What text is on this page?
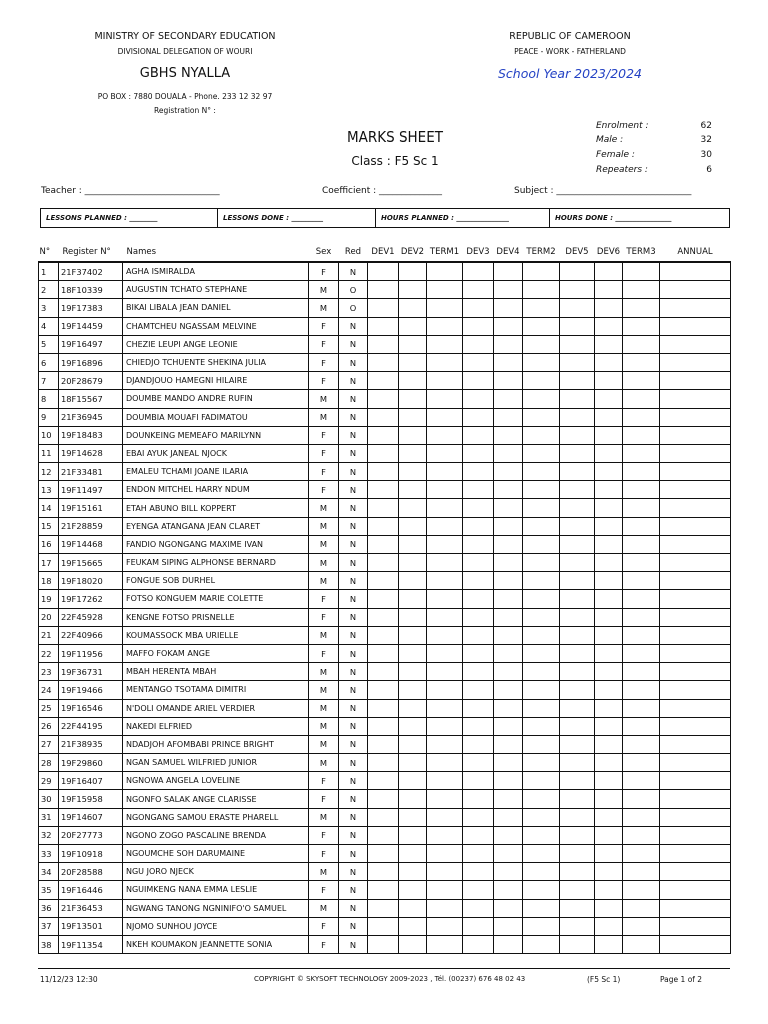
MINISTRY OF SECONDARY EDUCATION
DIVISIONAL DELEGATION OF WOURI
GBHS NYALLA
PO BOX : 7880 DOUALA - Phone. 233 12 32 97
Registration N° :
REPUBLIC OF CAMEROON
PEACE - WORK - FATHERLAND
School Year 2023/2024
MARKS SHEET
Class : F5 Sc 1
Enrolment :	62
Male :	32
Female :	30
Repeaters :	6
Teacher : ______________________________	Coefficient : ______________	Subject : ______________________________
LESSONS PLANNED : ________	LESSONS DONE : _________	HOURS PLANNED : _______________	HOURS DONE : ________________
N°	Register N°	Names	Sex	Red	DEV1	DEV2	TERM1	DEV3	DEV4	TERM2	DEV5	DEV6	TERM3	ANNUAL
1	21F37402	AGHA ISMIRALDA	F	N										
2	18F10339	AUGUSTIN TCHATO STEPHANE	M	O										
3	19F17383	BIKAI LIBALA JEAN DANIEL	M	O										
4	19F14459	CHAMTCHEU NGASSAM MELVINE	F	N										
5	19F16497	CHEZIE LEUPI ANGE LEONIE	F	N										
6	19F16896	CHIEDJO TCHUENTE SHEKINA JULIA	F	N										
7	20F28679	DJANDJOUO HAMEGNI HILAIRE	F	N										
8	18F15567	DOUMBE MANDO ANDRE RUFIN	M	N										
9	21F36945	DOUMBIA MOUAFI FADIMATOU	M	N										
10	19F18483	DOUNKEING MEMEAFO MARILYNN	F	N										
11	19F14628	EBAI AYUK JANEAL NJOCK	F	N										
12	21F33481	EMALEU TCHAMI JOANE ILARIA	F	N										
13	19F11497	ENDON MITCHEL HARRY NDUM	F	N										
14	19F15161	ETAH ABUNO BILL KOPPERT	M	N										
15	21F28859	EYENGA ATANGANA JEAN CLARET	M	N										
16	19F14468	FANDIO NGONGANG MAXIME IVAN	M	N										
17	19F15665	FEUKAM SIPING ALPHONSE BERNARD	M	N										
18	19F18020	FONGUE SOB DURHEL	M	N										
19	19F17262	FOTSO KONGUEM MARIE COLETTE	F	N										
20	22F45928	KENGNE FOTSO PRISNELLE	F	N										
21	22F40966	KOUMASSOCK MBA URIELLE	M	N										
22	19F11956	MAFFO FOKAM ANGE	F	N										
23	19F36731	MBAH HERENTA MBAH	M	N										
24	19F19466	MENTANGO TSOTAMA DIMITRI	M	N										
25	19F16546	N'DOLI OMANDE ARIEL VERDIER	M	N										
26	22F44195	NAKEDI ELFRIED	M	N										
27	21F38935	NDADJOH AFOMBABI PRINCE BRIGHT	M	N										
28	19F29860	NGAN SAMUEL WILFRIED JUNIOR	M	N										
29	19F16407	NGNOWA ANGELA LOVELINE	F	N										
30	19F15958	NGONFO SALAK ANGE CLARISSE	F	N										
31	19F14607	NGONGANG SAMOU ERASTE PHARELL	M	N										
32	20F27773	NGONO ZOGO PASCALINE BRENDA	F	N										
33	19F10918	NGOUMCHE SOH DARUMAINE	F	N										
34	20F28588	NGU JORO NJECK	M	N										
35	19F16446	NGUIMKENG NANA EMMA LESLIE	F	N										
36	21F36453	NGWANG TANONG NGNINIFO'O SAMUEL	M	N										
37	19F13501	NJOMO SUNHOU JOYCE	F	N										
38	19F11354	NKEH KOUMAKON JEANNETTE SONIA	F	N										
11/12/23 12:30	COPYRIGHT © SKYSOFT TECHNOLOGY 2009-2023 , Tél. (00237) 676 48 02 43	(F5 Sc 1)	Page 1 of 2
